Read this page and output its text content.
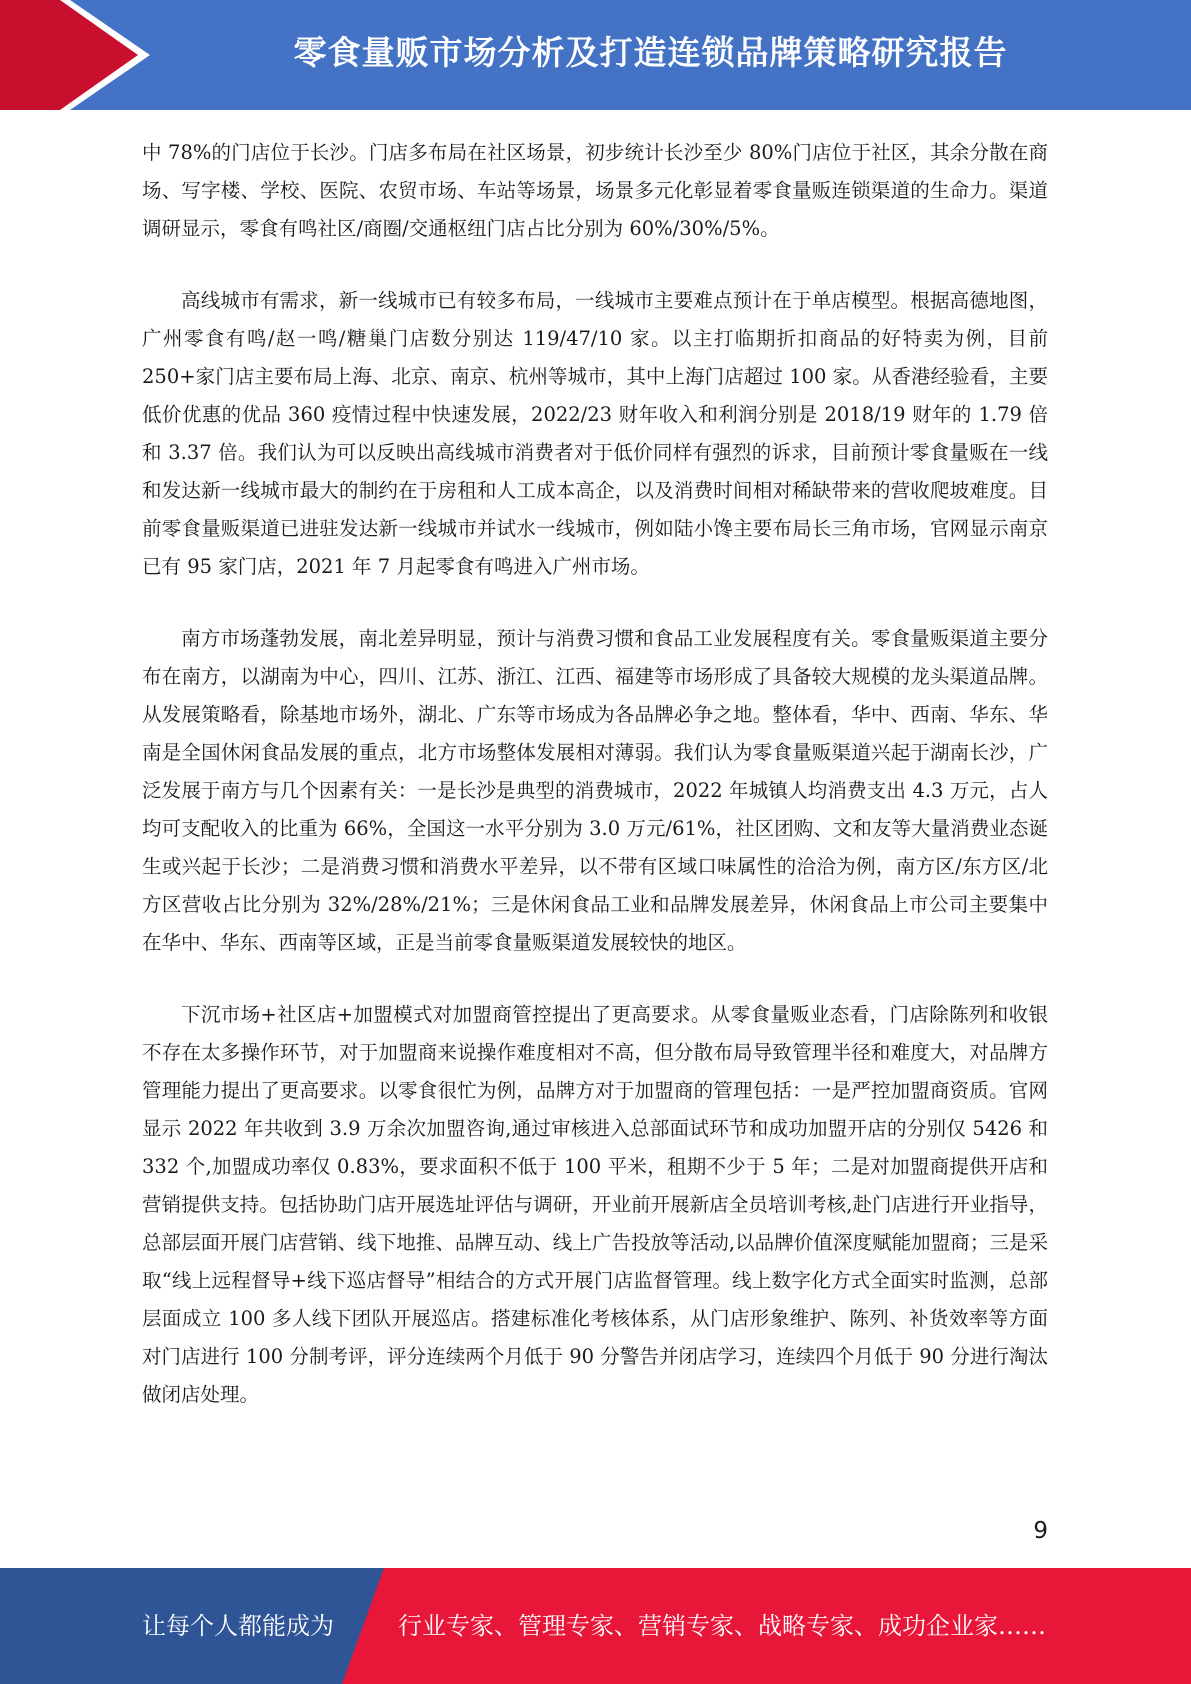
零食量贩市场分析及打造连锁品牌策略研究报告

中 78%的门店位于长沙。门店多布局在社区场景，初步统计长沙至少 80%门店位于社区，其余分散在商场、写字楼、学校、医院、农贸市场、车站等场景，场景多元化彰显着零食量贩连锁渠道的生命力。渠道调研显示，零食有鸣社区/商圈/交通枢纽门店占比分别为 60%/30%/5%。

高线城市有需求，新一线城市已有较多布局，一线城市主要难点预计在于单店模型。根据高德地图，广州零食有鸣/赵一鸣/糖巢门店数分别达 119/47/10 家。以主打临期折扣商品的好特卖为例，目前 250+家门店主要布局上海、北京、南京、杭州等城市，其中上海门店超过 100 家。从香港经验看，主要低价优惠的优品 360 疫情过程中快速发展，2022/23 财年收入和利润分别是 2018/19 财年的 1.79 倍和 3.37 倍。我们认为可以反映出高线城市消费者对于低价同样有强烈的诉求，目前预计零食量贩在一线和发达新一线城市最大的制约在于房租和人工成本高企，以及消费时间相对稀缺带来的营收爬坡难度。目前零食量贩渠道已进驻发达新一线城市并试水一线城市，例如陆小馋主要布局长三角市场，官网显示南京已有 95 家门店，2021 年 7 月起零食有鸣进入广州市场。

南方市场蓬勃发展，南北差异明显，预计与消费习惯和食品工业发展程度有关。零食量贩渠道主要分布在南方，以湖南为中心，四川、江苏、浙江、江西、福建等市场形成了具备较大规模的龙头渠道品牌。从发展策略看，除基地市场外，湖北、广东等市场成为各品牌必争之地。整体看，华中、西南、华东、华南是全国休闲食品发展的重点，北方市场整体发展相对薄弱。我们认为零食量贩渠道兴起于湖南长沙，广泛发展于南方与几个因素有关：一是长沙是典型的消费城市，2022 年城镇人均消费支出 4.3 万元，占人均可支配收入的比重为 66%，全国这一水平分别为 3.0 万元/61%，社区团购、文和友等大量消费业态诞生或兴起于长沙；二是消费习惯和消费水平差异，以不带有区域口味属性的洽洽为例，南方区/东方区/北方区营收占比分别为 32%/28%/21%；三是休闲食品工业和品牌发展差异，休闲食品上市公司主要集中在华中、华东、西南等区域，正是当前零食量贩渠道发展较快的地区。

下沉市场+社区店+加盟模式对加盟商管控提出了更高要求。从零食量贩业态看，门店除陈列和收银不存在太多操作环节，对于加盟商来说操作难度相对不高，但分散布局导致管理半径和难度大，对品牌方管理能力提出了更高要求。以零食很忙为例，品牌方对于加盟商的管理包括：一是严控加盟商资质。官网显示 2022 年共收到 3.9 万余次加盟咨询,通过审核进入总部面试环节和成功加盟开店的分别仅 5426 和 332 个,加盟成功率仅 0.83%，要求面积不低于 100 平米，租期不少于 5 年；二是对加盟商提供开店和营销提供支持。包括协助门店开展选址评估与调研，开业前开展新店全员培训考核,赴门店进行开业指导，总部层面开展门店营销、线下地推、品牌互动、线上广告投放等活动,以品牌价值深度赋能加盟商；三是采取“线上远程督导+线下巡店督导”相结合的方式开展门店监督管理。线上数字化方式全面实时监测，总部层面成立 100 多人线下团队开展巡店。搭建标准化考核体系，从门店形象维护、陈列、补货效率等方面对门店进行 100 分制考评，评分连续两个月低于 90 分警告并闭店学习，连续四个月低于 90 分进行淘汰做闭店处理。

9
让每个人都能成为	行业专家、管理专家、营销专家、战略专家、成功企业家……
